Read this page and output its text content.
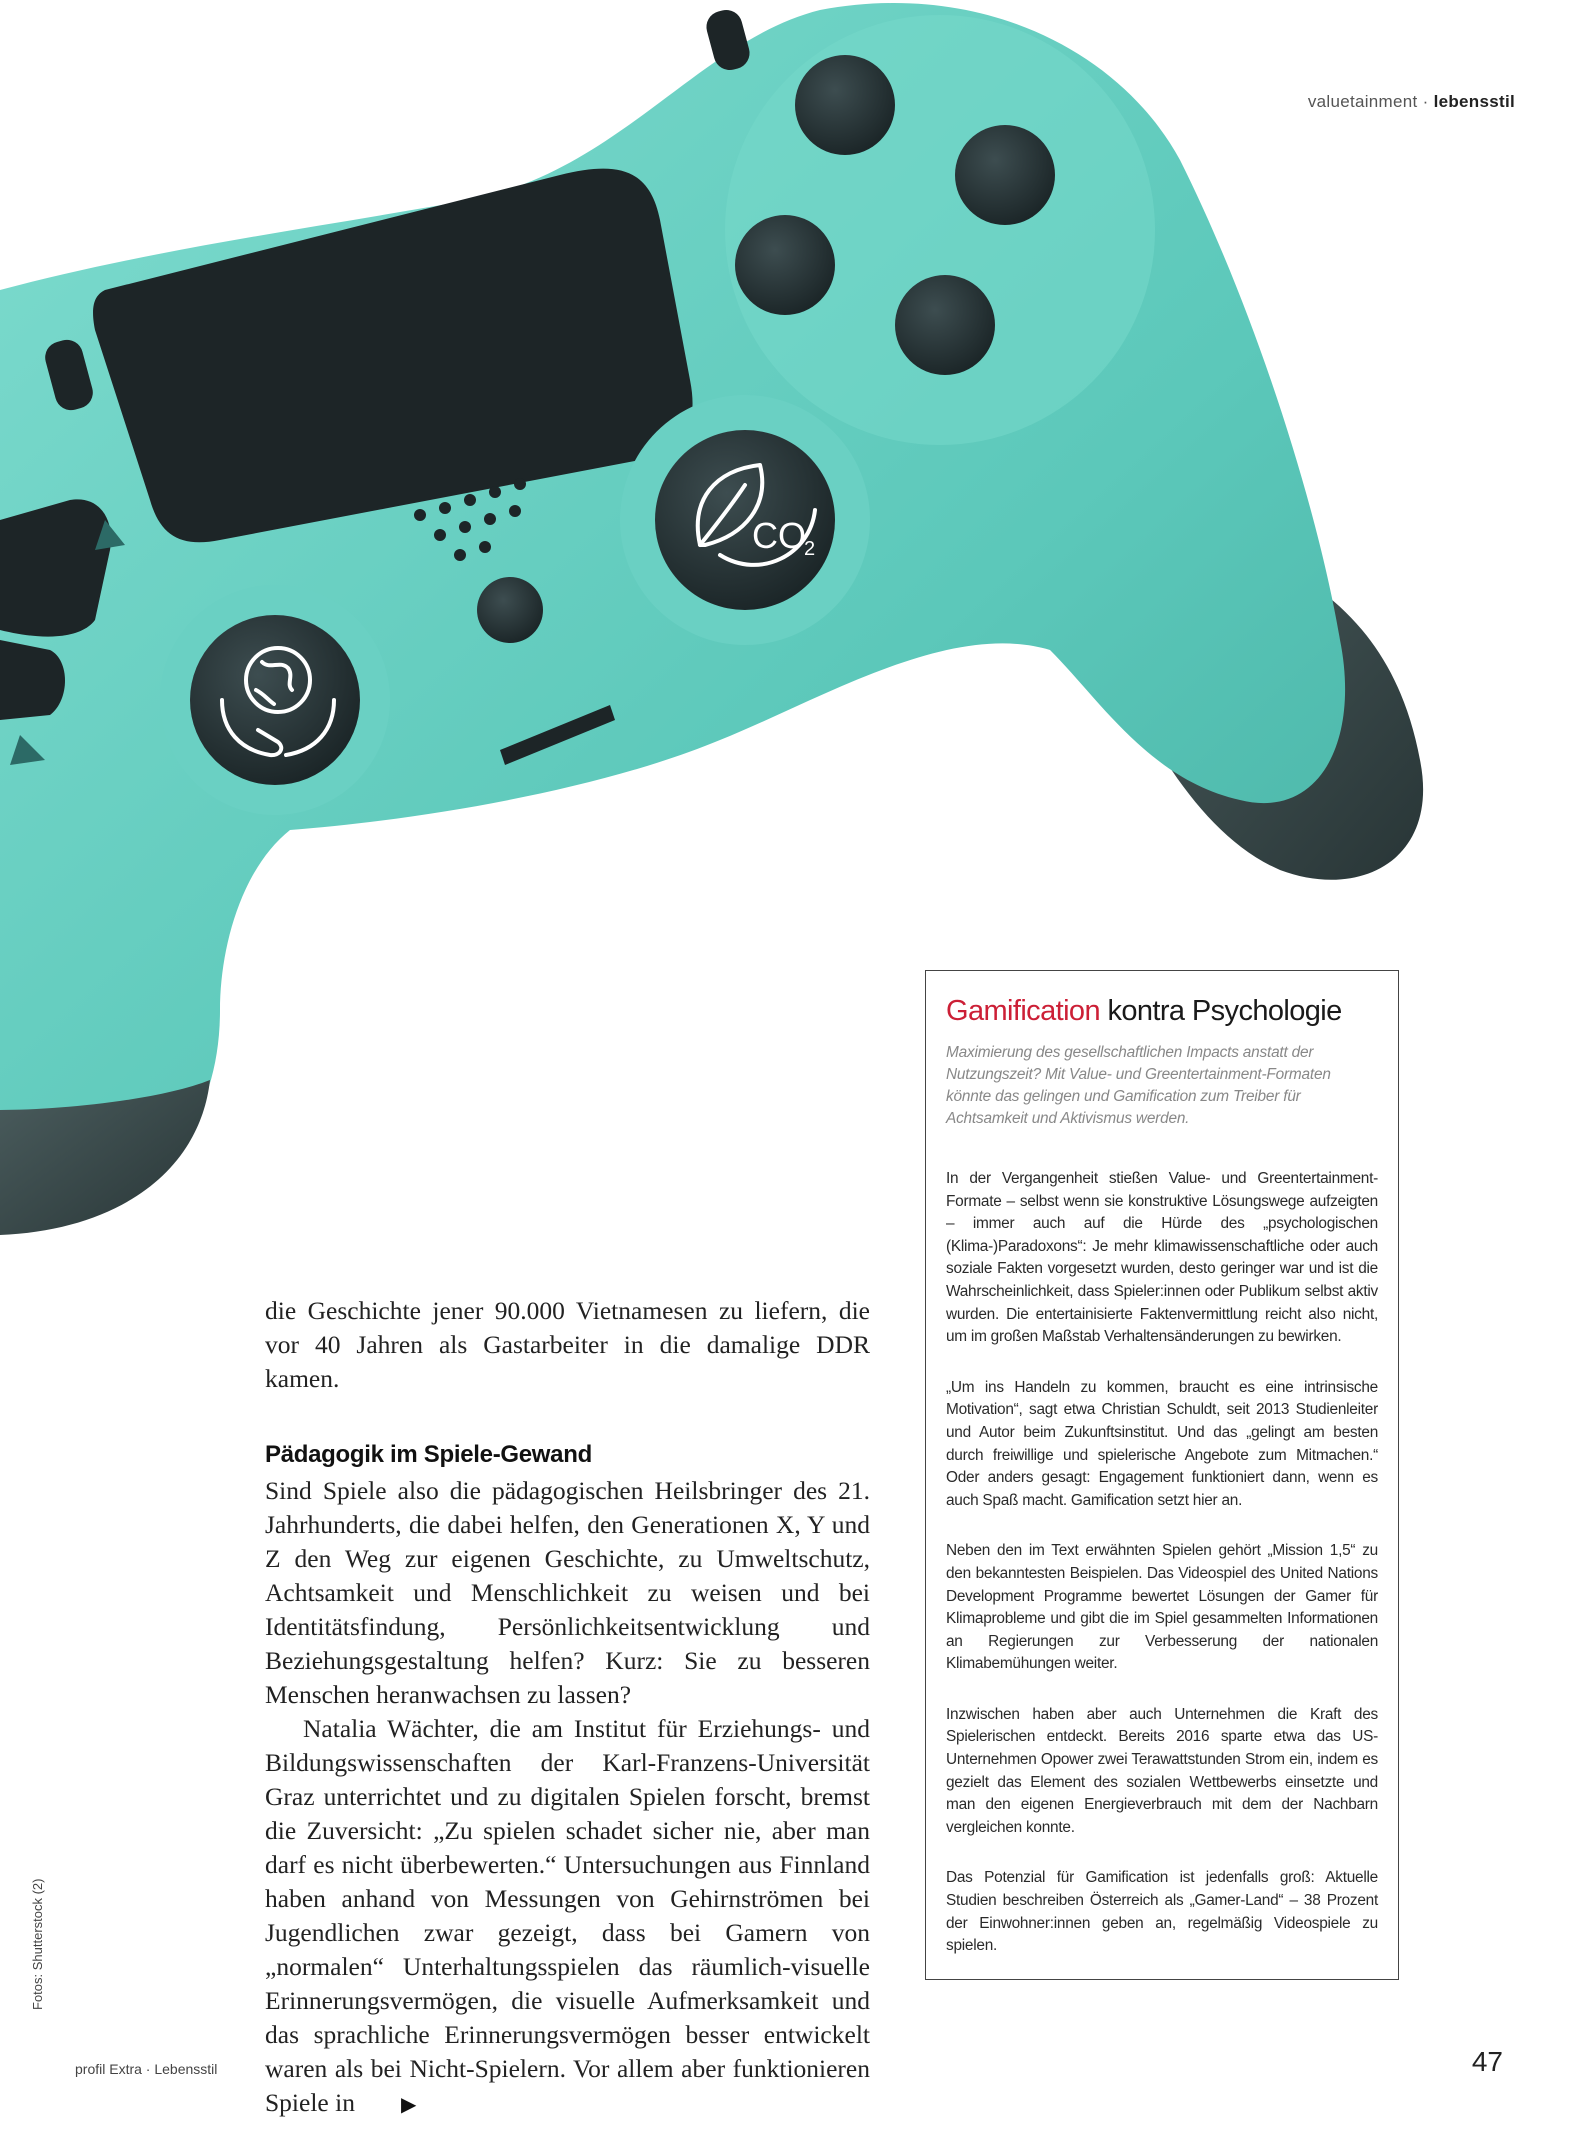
valuetainment · lebensstil
CO
2

die Geschichte jener 90.000 Vietnamesen zu liefern, die vor 40 Jahren als Gastarbeiter in die damalige DDR kamen.

Pädagogik im Spiele-Gewand

Sind Spiele also die pädagogischen Heilsbringer des 21. Jahrhunderts, die dabei helfen, den Generationen X, Y und Z den Weg zur eigenen Geschichte, zu Umweltschutz, Achtsamkeit und Menschlichkeit zu weisen und bei Identitätsfindung, Persönlichkeitsentwicklung und Beziehungsgestaltung helfen? Kurz: Sie zu besseren Menschen heranwachsen zu lassen?

Natalia Wächter, die am Institut für Erziehungs- und Bildungswissenschaften der Karl-Franzens-Universität Graz unterrichtet und zu digitalen Spielen forscht, bremst die Zuversicht: „Zu spielen schadet sicher nie, aber man darf es nicht überbewerten.“ Untersuchungen aus Finnland haben anhand von Messungen von Gehirnströmen bei Jugendlichen zwar gezeigt, dass bei Gamern von „normalen“ Unterhaltungsspielen das räumlich-visuelle Erinnerungsvermögen, die visuelle Aufmerksamkeit und das sprachliche Erinnerungsvermögen besser entwickelt waren als bei Nicht-Spielern. Vor allem aber funktionieren Spiele in ▶

Gamification kontra Psychologie

Maximierung des gesellschaftlichen Impacts anstatt der Nutzungszeit? Mit Value- und Greentertainment-Formaten könnte das gelingen und Gamification zum Treiber für Achtsamkeit und Aktivismus werden.

In der Vergangenheit stießen Value- und Greentertainment-Formate – selbst wenn sie konstruktive Lösungswege aufzeigten – immer auch auf die Hürde des „psychologischen (Klima-)Paradoxons“: Je mehr klimawissenschaftliche oder auch soziale Fakten vorgesetzt wurden, desto geringer war und ist die Wahrscheinlichkeit, dass Spieler:innen oder Publikum selbst aktiv wurden. Die entertainisierte Faktenvermittlung reicht also nicht, um im großen Maßstab Verhaltensänderungen zu bewirken.

„Um ins Handeln zu kommen, braucht es eine intrinsische Motivation“, sagt etwa Christian Schuldt, seit 2013 Studienleiter und Autor beim Zukunftsinstitut. Und das „gelingt am besten durch freiwillige und spielerische Angebote zum Mitmachen.“ Oder anders gesagt: Engagement funktioniert dann, wenn es auch Spaß macht. Gamification setzt hier an.

Neben den im Text erwähnten Spielen gehört „Mission 1,5“ zu den bekanntesten Beispielen. Das Videospiel des United Nations Development Programme bewertet Lösungen der Gamer für Klimaprobleme und gibt die im Spiel gesammelten Informationen an Regierungen zur Verbesserung der nationalen Klimabemühungen weiter.

Inzwischen haben aber auch Unternehmen die Kraft des Spielerischen entdeckt. Bereits 2016 sparte etwa das US-Unternehmen Opower zwei Terawattstunden Strom ein, indem es gezielt das Element des sozialen Wettbewerbs einsetzte und man den eigenen Energieverbrauch mit dem der Nachbarn vergleichen konnte.

Das Potenzial für Gamification ist jedenfalls groß: Aktuelle Studien beschreiben Österreich als „Gamer-Land“ – 38 Prozent der Einwohner:innen geben an, regelmäßig Videospiele zu spielen.

Fotos: Shutterstock (2)
profil Extra · Lebensstil	47
